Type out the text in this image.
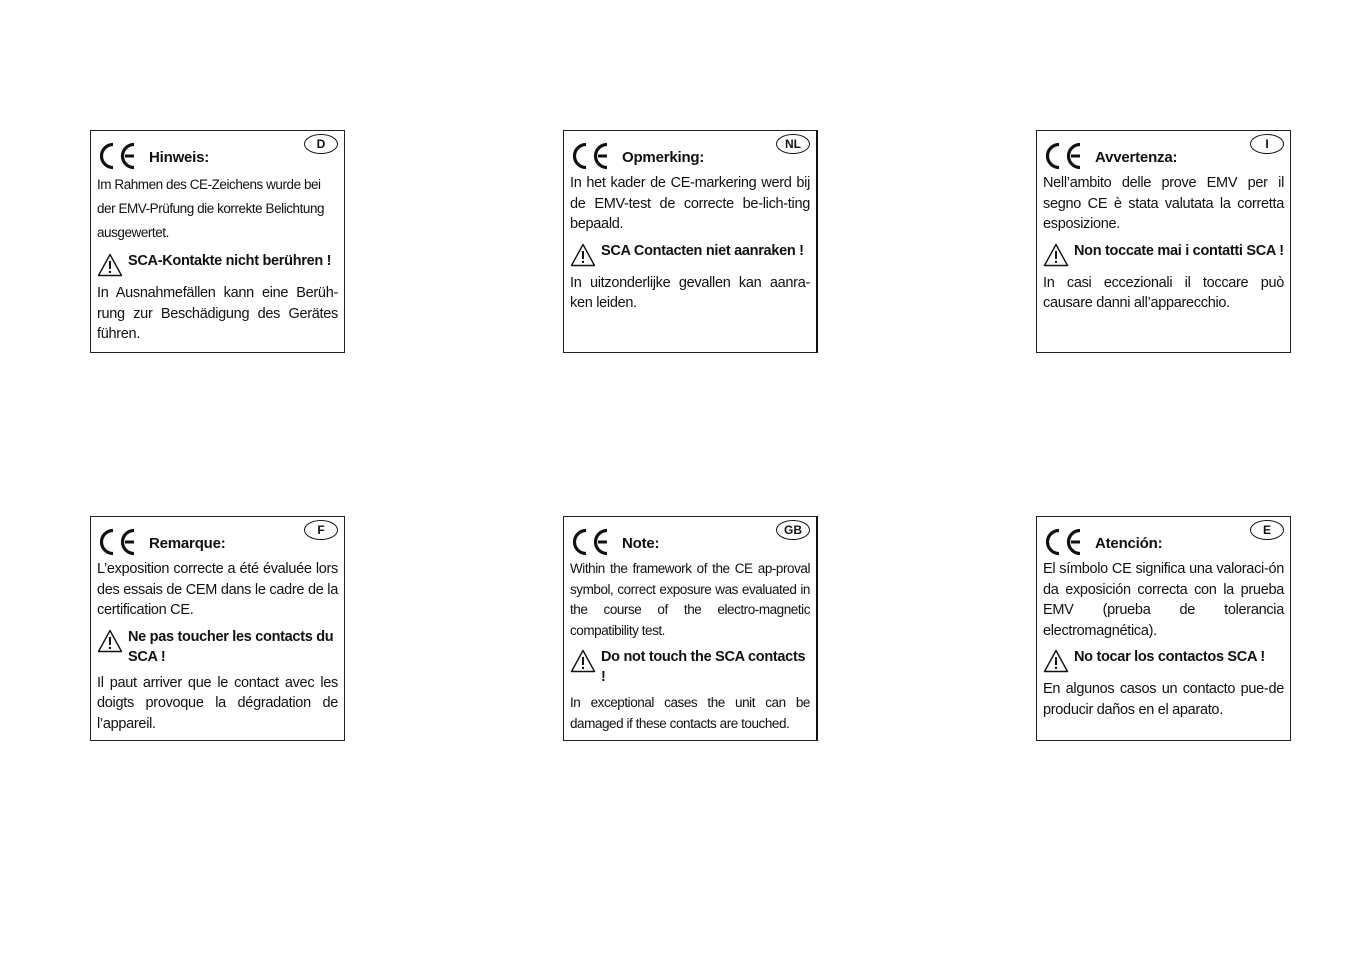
Hinweis:
D
Im Rahmen des CE-Zeichens wurde bei der EMV-Prüfung die korrekte Belichtung ausgewertet.
SCA-Kontakte nicht berühren !
In Ausnahmefällen kann eine Berüh-rung zur Beschädigung des Gerätes führen.
Opmerking:
NL
In het kader de CE-markering werd bij de EMV-test de correcte be-lich-ting bepaald.
SCA Contacten niet aanraken !
In uitzonderlijke gevallen kan aanra-ken leiden.
Avvertenza:
I
Nell’ambito delle prove EMV per il segno CE è stata valutata la corretta esposizione.
Non toccate mai i contatti SCA !
In casi eccezionali il toccare può causare danni all’apparecchio.
Remarque:
F
L’exposition correcte a été évaluée lors des essais de CEM dans le cadre de la certification CE.
Ne pas toucher les contacts du SCA !
Il paut arriver que le contact avec les doigts provoque la dégradation de l’appareil.
Note:
GB
Within the framework of the CE ap-proval symbol, correct exposure was evaluated in the course of the electro-magnetic compatibility test.
Do not touch the SCA contacts !
In exceptional cases the unit can be damaged if these contacts are touched.
Atención:
E
El símbolo CE significa una valoraci-ón da exposición correcta con la prueba EMV (prueba de tolerancia electromagnética).
No tocar los contactos SCA !
En algunos casos un contacto pue-de producir daños en el aparato.
